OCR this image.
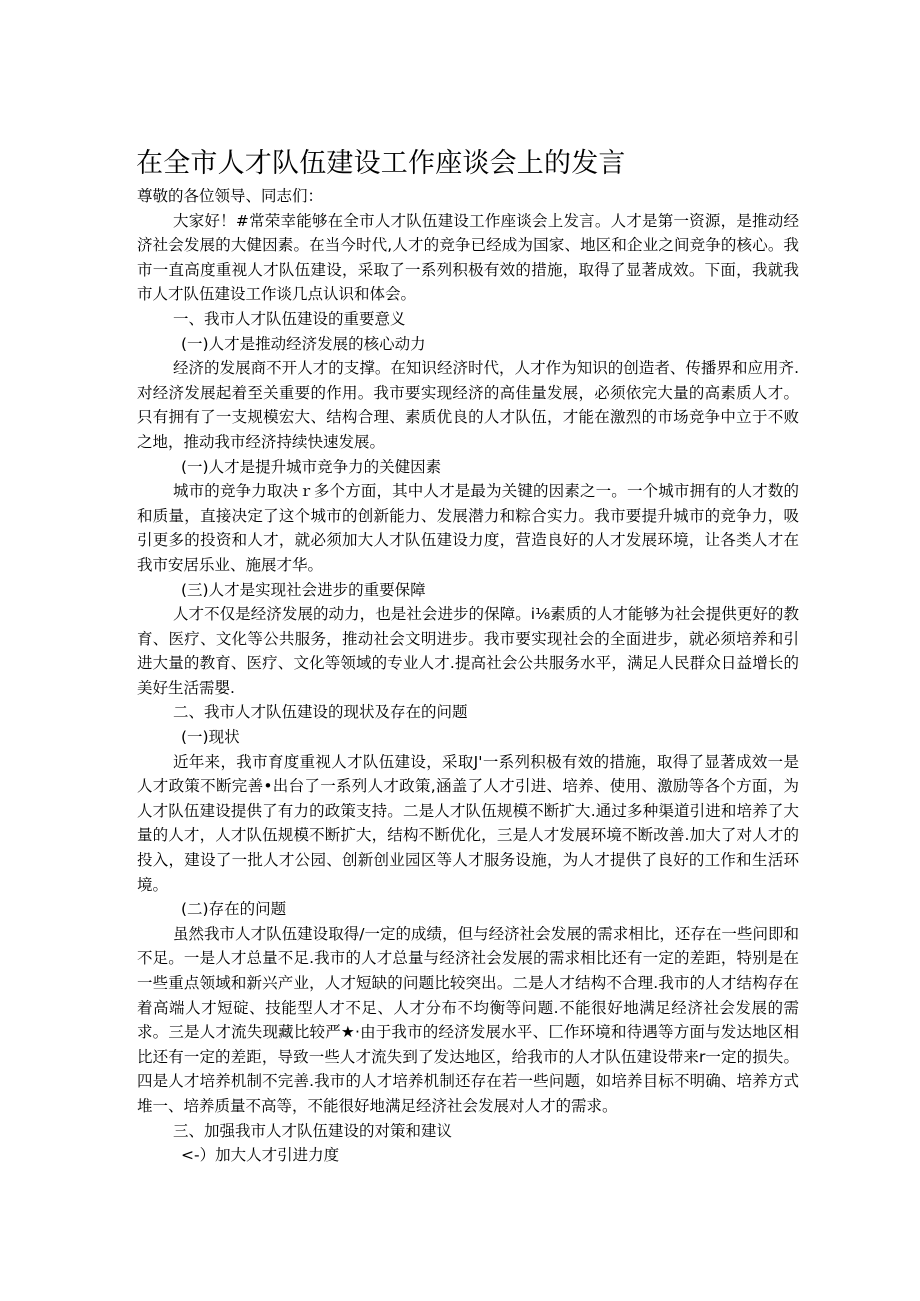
在全市人才队伍建设工作座谈会上的发言

尊敬的各位领导、同志们：

大家好！#常荣幸能够在全市人才队伍建设工作座谈会上发言。人才是第一资源，是推动经济社会发展的大健因素。在当今时代,人才的竞争已经成为国家、地区和企业之间竞争的核心。我市一直高度重视人才队伍建设，采取了一系列积极有效的措施，取得了显著成效。下面，我就我市人才队伍建设工作谈几点认识和体会。

一、我市人才队伍建设的重要意义

(一)人才是推动经济发展的核心动力

经济的发展商不开人才的支撑。在知识经济时代，人才作为知识的创造者、传播界和应用齐.对经济发展起着至关重要的作用。我市要实现经济的高佳量发展，必须依完大量的高素质人才。只有拥有了一支规模宏大、结构合理、素质优良的人才队伍，才能在激烈的市场竞争中立于不败之地，推动我市经济持续快速发展。

(一)人才是提升城市竞争力的关健因素

城市的竞争力取决ｒ多个方面，其中人才是最为关键的因素之一。一个城市拥有的人才数的和质量，直接决定了这个城市的创新能力、发展潜力和粽合实力。我市要提升城市的竞争力，吸引更多的投资和人才，就必须加大人才队伍建设力度，营造良好的人才发展环境，让各类人才在我市安居乐业、施展才华。

(三)人才是实现社会进步的重要保障

人才不仅是经济发展的动力，也是社会进步的保障。i⅛素质的人才能够为社会提供更好的教育、医疗、文化等公共服务，推动社会文明进步。我市要实现社会的全面进步，就必须培养和引进大量的教育、医疗、文化等领域的专业人才.提高社会公共服务水平，满足人民群众日益增长的美好生活需嬰.

二、我市人才队伍建设的现状及存在的问题

(一)现状

近年来，我市育度重视人才队伍建设，采取J'一系列积极有效的措施，取得了显著成效一是人才政策不断完善•出台了一系列人才政策,涵盖了人才引进、培养、使用、激励等各个方面，为人才队伍建设提供了有力的政策支持。二是人才队伍规模不断扩大.通过多种渠道引进和培养了大量的人才，人才队伍规模不断扩大，结构不断优化，三是人才发展环境不断改善.加大了对人才的投入，建设了一批人才公园、创新创业园区等人才服务设施，为人才提供了良好的工作和生活环境。

(二)存在的问题

虽然我市人才队伍建设取得/一定的成绩，但与经济社会发展的需求相比，还存在一些问即和不足。一是人才总量不足.我市的人才总量与经济社会发展的需求相比还有一定的差距，特别是在一些重点领域和新兴产业，人才短缺的问题比较突出。二是人才结构不合理.我市的人才结构存在着高端人才短碇、技能型人才不足、人才分布不均衡等问题.不能很好地满足经济社会发展的需求。三是人才流失现藏比较严★·由于我市的经济发展水平、匚作环境和待遇等方面与发达地区相比还有一定的差距，导致一些人才流失到了发达地区，给我市的人才队伍建设带来r一定的损失。四是人才培养机制不完善.我市的人才培养机制还存在若一些问题，如培养目标不明确、培养方式堆一、培养质量不高等，不能很好地满足经济社会发展对人才的需求。

三、加强我市人才队伍建设的对策和建议

<-）加大人才引进力度
